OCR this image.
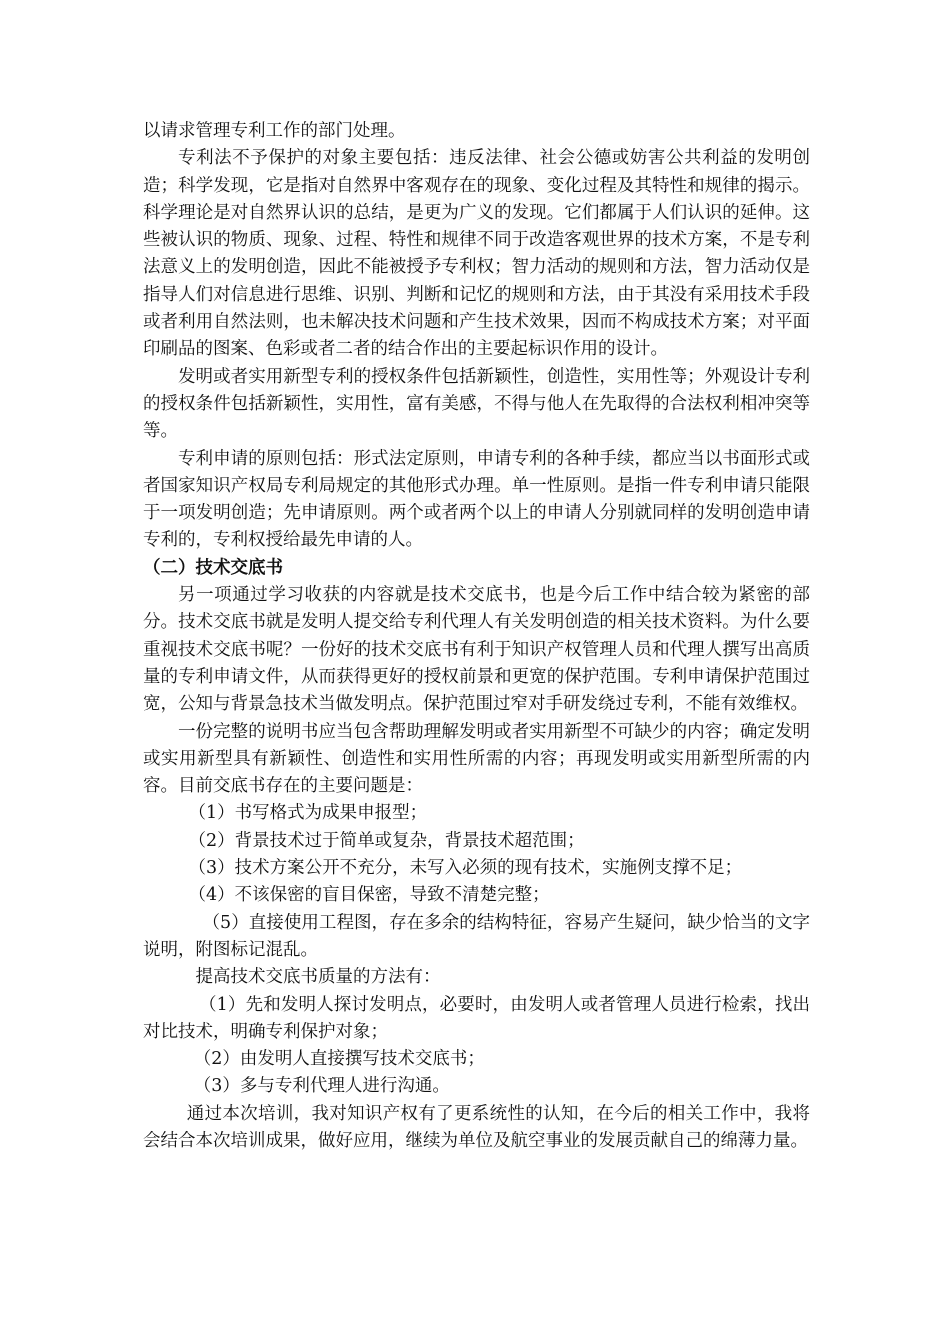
以请求管理专利工作的部门处理。

专利法不予保护的对象主要包括：违反法律、社会公德或妨害公共利益的发明创造；科学发现，它是指对自然界中客观存在的现象、变化过程及其特性和规律的揭示。科学理论是对自然界认识的总结，是更为广义的发现。它们都属于人们认识的延伸。这些被认识的物质、现象、过程、特性和规律不同于改造客观世界的技术方案，不是专利法意义上的发明创造，因此不能被授予专利权；智力活动的规则和方法，智力活动仅是指导人们对信息进行思维、识别、判断和记忆的规则和方法，由于其没有采用技术手段或者利用自然法则，也未解决技术问题和产生技术效果，因而不构成技术方案；对平面印刷品的图案、色彩或者二者的结合作出的主要起标识作用的设计。

发明或者实用新型专利的授权条件包括新颖性，创造性，实用性等；外观设计专利的授权条件包括新颖性，实用性，富有美感，不得与他人在先取得的合法权利相冲突等等。

专利申请的原则包括：形式法定原则，申请专利的各种手续，都应当以书面形式或者国家知识产权局专利局规定的其他形式办理。单一性原则。是指一件专利申请只能限于一项发明创造；先申请原则。两个或者两个以上的申请人分别就同样的发明创造申请专利的，专利权授给最先申请的人。

（二）技术交底书

另一项通过学习收获的内容就是技术交底书，也是今后工作中结合较为紧密的部分。技术交底书就是发明人提交给专利代理人有关发明创造的相关技术资料。为什么要重视技术交底书呢？一份好的技术交底书有利于知识产权管理人员和代理人撰写出高质量的专利申请文件，从而获得更好的授权前景和更宽的保护范围。专利申请保护范围过宽，公知与背景急技术当做发明点。保护范围过窄对手研发绕过专利，不能有效维权。

一份完整的说明书应当包含帮助理解发明或者实用新型不可缺少的内容；确定发明或实用新型具有新颖性、创造性和实用性所需的内容；再现发明或实用新型所需的内容。目前交底书存在的主要问题是：

（1）书写格式为成果申报型；

（2）背景技术过于简单或复杂，背景技术超范围；

（3）技术方案公开不充分，未写入必须的现有技术，实施例支撑不足；

（4）不该保密的盲目保密，导致不清楚完整；

（5）直接使用工程图，存在多余的结构特征，容易产生疑问，缺少恰当的文字说明，附图标记混乱。

提高技术交底书质量的方法有：

（1）先和发明人探讨发明点，必要时，由发明人或者管理人员进行检索，找出对比技术，明确专利保护对象；

（2）由发明人直接撰写技术交底书；

（3）多与专利代理人进行沟通。

通过本次培训，我对知识产权有了更系统性的认知，在今后的相关工作中，我将会结合本次培训成果，做好应用，继续为单位及航空事业的发展贡献自己的绵薄力量。
